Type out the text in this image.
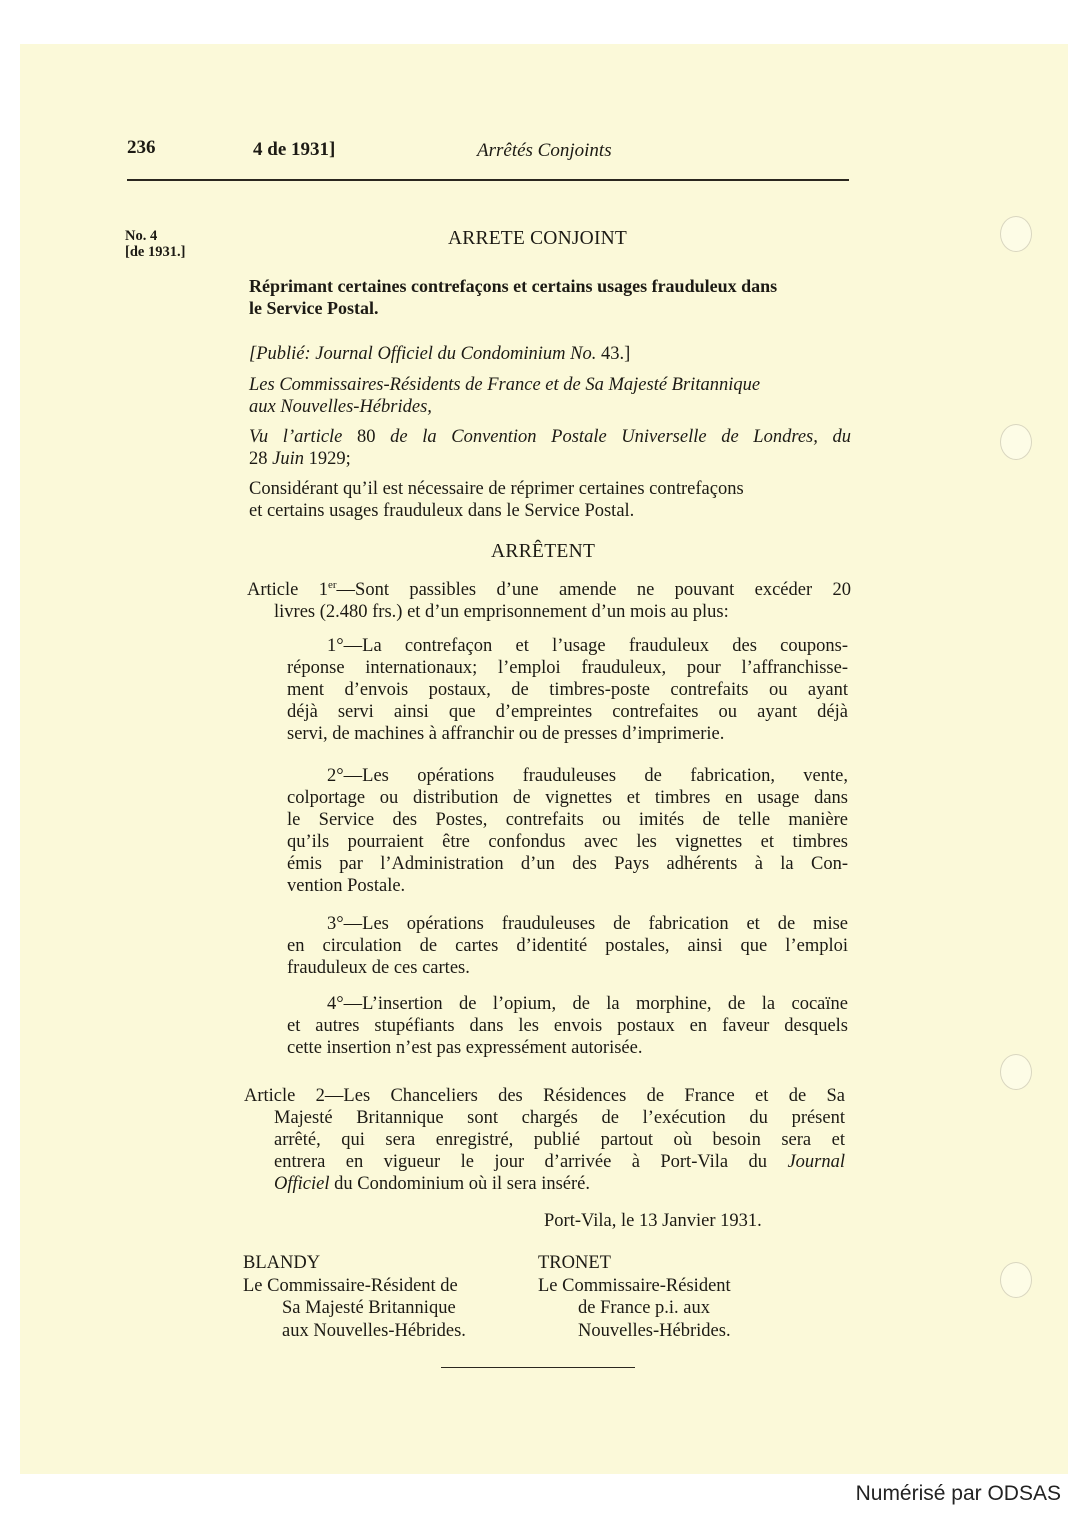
236	4 de 1931]	Arrêtés Conjoints
No. 4
[de 1931.]
ARRETE CONJOINT
Réprimant certaines contrefaçons et certains usages frauduleux dans
le Service Postal.
[Publié: Journal Officiel du Condominium No. 43.]
Les Commissaires-Résidents de France et de Sa Majesté Britannique
aux Nouvelles-Hébrides,
Vu l’article 80 de la Convention Postale Universelle de Londres, du
28 Juin 1929;
Considérant qu’il est nécessaire de réprimer certaines contrefaçons
et certains usages frauduleux dans le Service Postal.
ARRÊTENT
Article 1er—Sont passibles d’une amende ne pouvant excéder 20
livres (2.480 frs.) et d’un emprisonnement d’un mois au plus:
1°—La contrefaçon et l’usage frauduleux des coupons-
réponse internationaux; l’emploi frauduleux, pour l’affranchisse-
ment d’envois postaux, de timbres-poste contrefaits ou ayant
déjà servi ainsi que d’empreintes contrefaites ou ayant déjà
servi, de machines à affranchir ou de presses d’imprimerie.
2°—Les opérations frauduleuses de fabrication, vente,
colportage ou distribution de vignettes et timbres en usage dans
le Service des Postes, contrefaits ou imités de telle manière
qu’ils pourraient être confondus avec les vignettes et timbres
émis par l’Administration d’un des Pays adhérents à la Con-
vention Postale.
3°—Les opérations frauduleuses de fabrication et de mise
en circulation de cartes d’identité postales, ainsi que l’emploi
frauduleux de ces cartes.
4°—L’insertion de l’opium, de la morphine, de la cocaïne
et autres stupéfiants dans les envois postaux en faveur desquels
cette insertion n’est pas expressément autorisée.
Article 2—Les Chanceliers des Résidences de France et de Sa
Majesté Britannique sont chargés de l’exécution du présent
arrêté, qui sera enregistré, publié partout où besoin sera et
entrera en vigueur le jour d’arrivée à Port-Vila du Journal
Officiel du Condominium où il sera inséré.
Port-Vila, le 13 Janvier 1931.
BLANDY
Le Commissaire-Résident de
Sa Majesté Britannique
aux Nouvelles-Hébrides.
TRONET
Le Commissaire-Résident
de France p.i. aux
Nouvelles-Hébrides.
Numérisé par ODSAS
